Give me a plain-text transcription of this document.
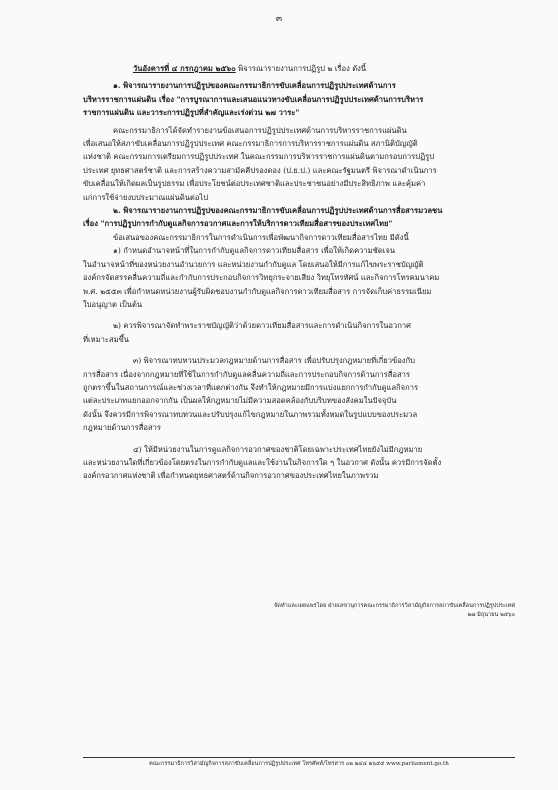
๓

วันอังคารที่ ๔ กรกฎาคม ๒๕๖๐ พิจารณารายงานการปฏิรูป ๒ เรื่อง ดังนี้

๑. พิจารณารายงานการปฏิรูปของคณะกรรมาธิการขับเคลื่อนการปฏิรูปประเทศด้านการ

บริหารราชการแผ่นดิน เรื่อง "การบูรณาการและเสนอแนวทางขับเคลื่อนการปฏิรูปประเทศด้านการบริหาร

ราชการแผ่นดิน และวาระการปฏิรูปที่สำคัญและเร่งด่วน ๒๗ วาระ"

คณะกรรมาธิการได้จัดทำรายงานข้อเสนอการปฏิรูปประเทศด้านการบริหารราชการแผ่นดิน

เพื่อเสนอให้สภาขับเคลื่อนการปฏิรูปประเทศ คณะกรรมาธิการการบริหารราชการแผ่นดิน สภานิติบัญญัติ

แห่งชาติ คณะกรรมการเตรียมการปฏิรูปประเทศ ในคณะกรรมการบริหารราชการแผ่นดินตามกรอบการปฏิรูป

ประเทศ ยุทธศาสตร์ชาติ และการสร้างความสามัคคีปรองดอง (ป.ย.ป.) และคณะรัฐมนตรี พิจารณาดำเนินการ

ขับเคลื่อนให้เกิดผลเป็นรูปธรรม เพื่อประโยชน์ต่อประเทศชาติและประชาชนอย่างมีประสิทธิภาพ และคุ้มค่า

แก่การใช้จ่ายงบประมาณแผ่นดินต่อไป

๒. พิจารณารายงานการปฏิรูปของคณะกรรมาธิการขับเคลื่อนการปฏิรูปประเทศด้านการสื่อสารมวลชน

เรื่อง "การปฏิรูปการกำกับดูแลกิจการอวกาศและการให้บริการดาวเทียมสื่อสารของประเทศไทย"

ข้อเสนอของคณะกรรมาธิการในการดำเนินการเพื่อพัฒนากิจการดาวเทียมสื่อสารไทย มีดังนี้

๑) กำหนดอำนาจหน้าที่ในการกำกับดูแลกิจการดาวเทียมสื่อสาร เพื่อให้เกิดความชัดเจน

ในอำนาจหน้าที่ของหน่วยงานอำนวยการ และหน่วยงานกำกับดูแล โดยเสนอให้มีการแก้ไขพระราชบัญญัติ

องค์กรจัดสรรคลื่นความถี่และกำกับการประกอบกิจการวิทยุกระจายเสียง วิทยุโทรทัศน์ และกิจการโทรคมนาคม

พ.ศ. ๒๕๕๓ เพื่อกำหนดหน่วยงานผู้รับผิดชอบงานกำกับดูแลกิจการดาวเทียมสื่อสาร การจัดเก็บค่าธรรมเนียม

ใบอนุญาต เป็นต้น

๒) ควรพิจารณาจัดทำพระราชบัญญัติว่าด้วยดาวเทียมสื่อสารและการดำเนินกิจการในอวกาศ

ที่เหมาะสมขึ้น

๓) พิจารณาทบทวนประมวลกฎหมายด้านการสื่อสาร เพื่อปรับปรุงกฎหมายที่เกี่ยวข้องกับ

การสื่อสาร เนื่องจากกฎหมายที่ใช้ในการกำกับดูแลคลื่นความถี่และการประกอบกิจการด้านการสื่อสาร

ถูกตราขึ้นในสถานการณ์และช่วงเวลาที่แตกต่างกัน จึงทำให้กฎหมายมีการแบ่งแยกการกำกับดูแลกิจการ

แต่ละประเภทแยกออกจากกัน เป็นผลให้กฎหมายไม่มีความสอดคล้องกับบริบทของสังคมในปัจจุบัน

ดังนั้น จึงควรมีการพิจารณาทบทวนและปรับปรุงแก้ไขกฎหมายในภาพรวมทั้งหมดในรูปแบบของประมวล

กฎหมายด้านการสื่อสาร

๔) ให้มีหน่วยงานในการดูแลกิจการอวกาศของชาติโดยเฉพาะประเทศไทยยังไม่มีกฎหมาย

และหน่วยงานใดที่เกี่ยวข้องโดยตรงในการกำกับดูแลและใช้งานในกิจการใด ๆ ในอวกาศ ดังนั้น ควรมีการจัดตั้ง

องค์กรอวกาศแห่งชาติ เพื่อกำหนดยุทธศาสตร์ด้านกิจการอวกาศของประเทศไทยในภาพรวม

จัดทำและเผยแพร่โดย ฝ่ายเลขานุการคณะกรรมาธิการวิสามัญกิจการสภาขับเคลื่อนการปฏิรูปประเทศ
๒๗ มิถุนายน ๒๕๖๐
คณะกรรมาธิการวิสามัญกิจการสภาขับเคลื่อนการปฏิรูปประเทศ โทรศัพท์/โทรสาร ๐๒ ๒๔๔ ๒๖๕๕ www.parliament.go.th
